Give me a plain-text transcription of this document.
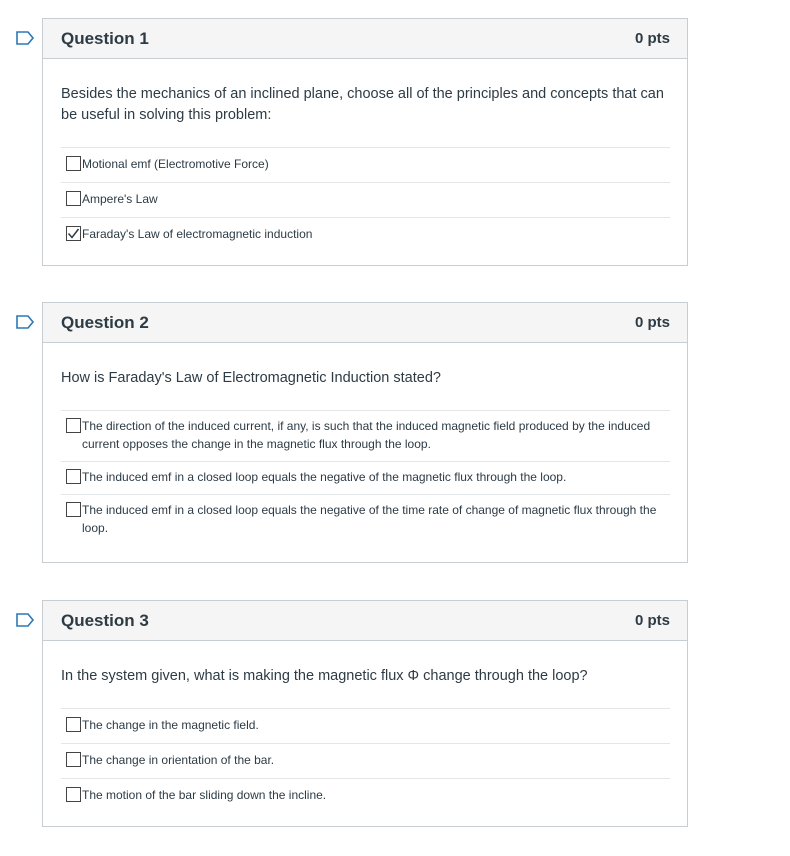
Question 1	0 pts
Besides the mechanics of an inclined plane, choose all of the principles and concepts that can be useful in solving this problem:
Motional emf (Electromotive Force)
Ampere's Law
Faraday's Law of electromagnetic induction
Question 2	0 pts
How is Faraday's Law of Electromagnetic Induction stated?
The direction of the induced current, if any, is such that the induced magnetic field produced by the induced current opposes the change in the magnetic flux through the loop.
The induced emf in a closed loop equals the negative of the magnetic flux through the loop.
The induced emf in a closed loop equals the negative of the time rate of change of magnetic flux through the loop.
Question 3	0 pts
In the system given, what is making the magnetic flux Φ change through the loop?
The change in the magnetic field.
The change in orientation of the bar.
The motion of the bar sliding down the incline.
